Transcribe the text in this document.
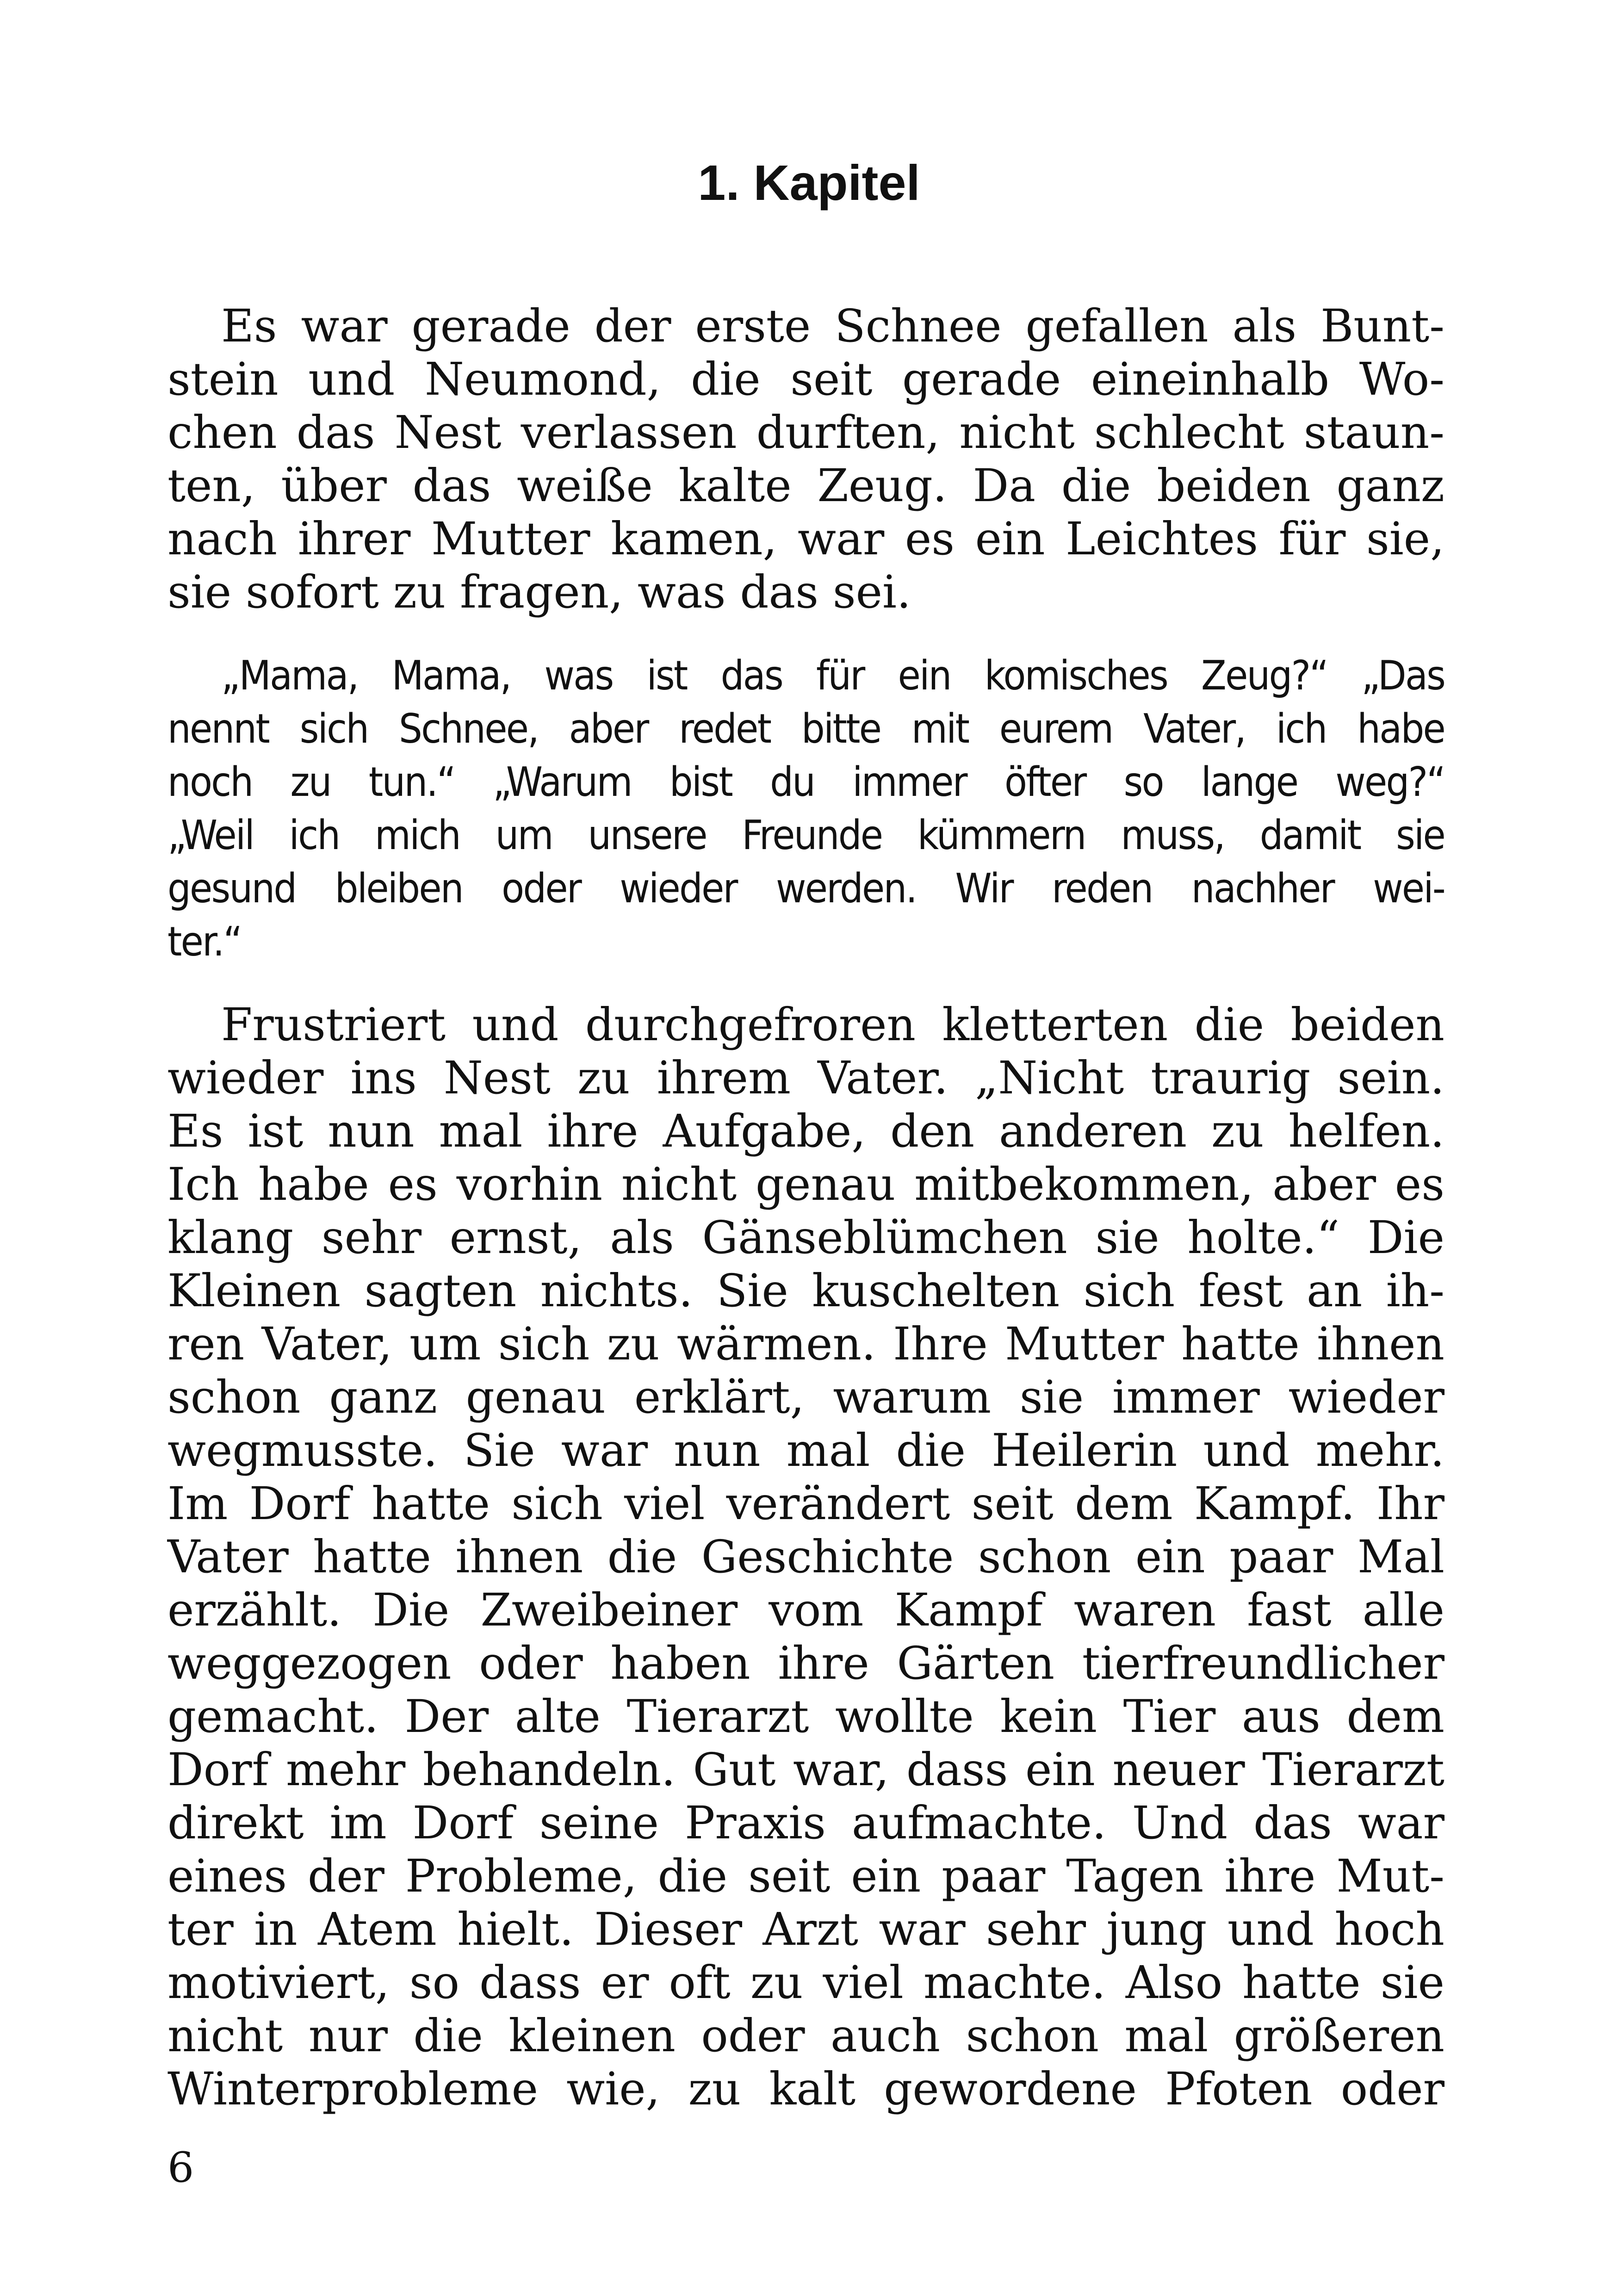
1. Kapitel
Es war gerade der erste Schnee gefallen als Bunt-
stein und Neumond, die seit gerade eineinhalb Wo-
chen das Nest verlassen durften, nicht schlecht staun-
ten, über das weiße kalte Zeug. Da die beiden ganz
nach ihrer Mutter kamen, war es ein Leichtes für sie,
sie sofort zu fragen, was das sei.
„Mama, Mama, was ist das für ein komisches Zeug?“ „Das
nennt sich Schnee, aber redet bitte mit eurem Vater, ich habe
noch zu tun.“ „Warum bist du immer öfter so lange weg?“
„Weil ich mich um unsere Freunde kümmern muss, damit sie
gesund bleiben oder wieder werden. Wir reden nachher wei-
ter.“
Frustriert und durchgefroren kletterten die beiden
wieder ins Nest zu ihrem Vater. „Nicht traurig sein.
Es ist nun mal ihre Aufgabe, den anderen zu helfen.
Ich habe es vorhin nicht genau mitbekommen, aber es
klang sehr ernst, als Gänseblümchen sie holte.“ Die
Kleinen sagten nichts. Sie kuschelten sich fest an ih-
ren Vater, um sich zu wärmen. Ihre Mutter hatte ihnen
schon ganz genau erklärt, warum sie immer wieder
wegmusste. Sie war nun mal die Heilerin und mehr.
Im Dorf hatte sich viel verändert seit dem Kampf. Ihr
Vater hatte ihnen die Geschichte schon ein paar Mal
erzählt. Die Zweibeiner vom Kampf waren fast alle
weggezogen oder haben ihre Gärten tierfreundlicher
gemacht. Der alte Tierarzt wollte kein Tier aus dem
Dorf mehr behandeln. Gut war, dass ein neuer Tierarzt
direkt im Dorf seine Praxis aufmachte. Und das war
eines der Probleme, die seit ein paar Tagen ihre Mut-
ter in Atem hielt. Dieser Arzt war sehr jung und hoch
motiviert, so dass er oft zu viel machte. Also hatte sie
nicht nur die kleinen oder auch schon mal größeren
Winterprobleme wie, zu kalt gewordene Pfoten oder
6
